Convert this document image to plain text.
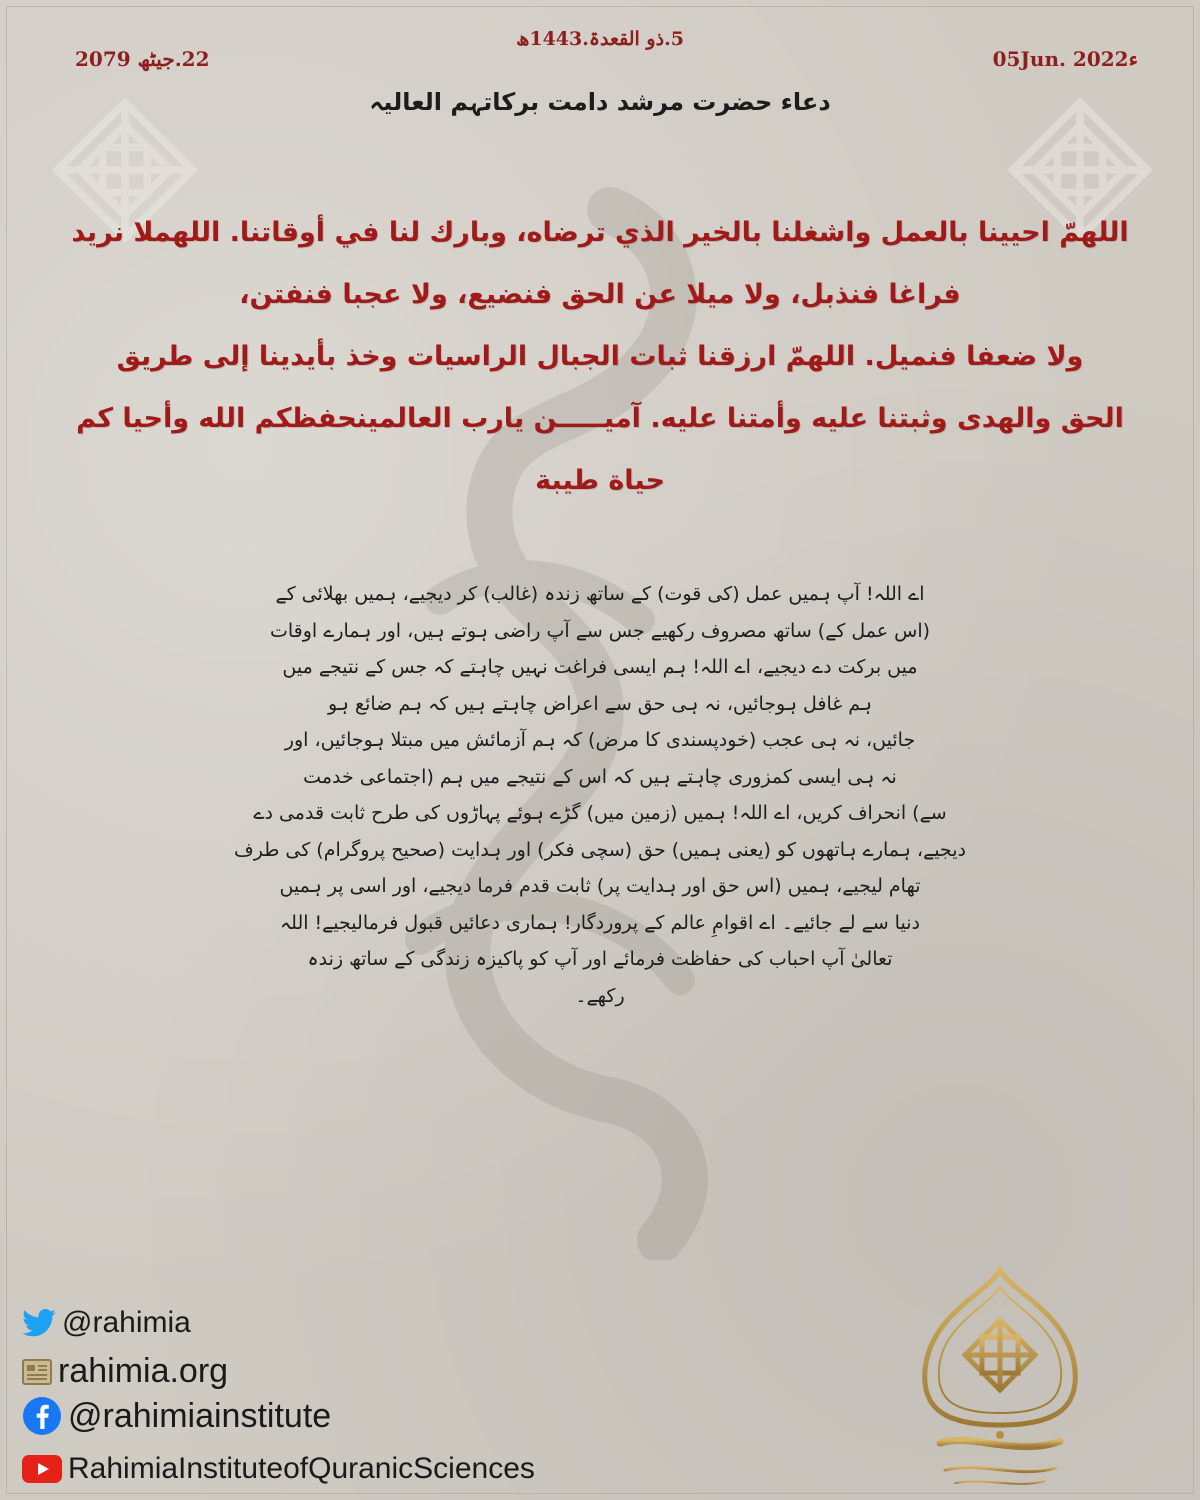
22.جیٹھ 2079
5.ذو القعدۃ.1443ھ
05Jun. 2022ء
دعاء حضرت مرشد دامت برکاتہم العالیہ
اللهمّ احيينا بالعمل واشغلنا بالخير الذي ترضاه، وبارك لنا في أوقاتنا. اللهملا نريد
فراغا فنذبل، ولا ميلا عن الحق فنضيع، ولا عجبا فنفتن،
ولا ضعفا فنميل. اللهمّ ارزقنا ثبات الجبال الراسيات وخذ بأيدينا إلى طريق
الحق والهدى وثبتنا عليه وأمتنا عليه. آميـــــن يارب العالمينحفظكم الله وأحيا كم
حياة طيبة
اے اللہ! آپ ہمیں عمل (کی قوت) کے ساتھ زندہ (غالب) کر دیجیے، ہمیں بھلائی کے
(اس عمل کے) ساتھ مصروف رکھیے جس سے آپ راضی ہوتے ہیں، اور ہمارے اوقات
میں برکت دے دیجیے، اے اللہ! ہم ایسی فراغت نہیں چاہتے کہ جس کے نتیجے میں
ہم غافل ہوجائیں، نہ ہی حق سے اعراض چاہتے ہیں کہ ہم ضائع ہو
جائیں، نہ ہی عجب (خودپسندی کا مرض) کہ ہم آزمائش میں مبتلا ہوجائیں، اور
نہ ہی ایسی کمزوری چاہتے ہیں کہ اس کے نتیجے میں ہم (اجتماعی خدمت
سے) انحراف کریں، اے اللہ! ہمیں (زمین میں) گڑے ہوئے پہاڑوں کی طرح ثابت قدمی دے
دیجیے، ہمارے ہاتھوں کو (یعنی ہمیں) حق (سچی فکر) اور ہدایت (صحیح پروگرام) کی طرف
تھام لیجیے، ہمیں (اس حق اور ہدایت پر) ثابت قدم فرما دیجیے، اور اسی پر ہمیں
دنیا سے لے جائیے۔ اے اقوامِ عالم کے پروردگار! ہماری دعائیں قبول فرمالیجیے! اللہ
تعالیٰ آپ احباب کی حفاظت فرمائے اور آپ کو پاکیزہ زندگی کے ساتھ زندہ
رکھے۔
@rahimia
rahimia.org
@rahimiainstitute
RahimiaInstituteofQuranicSciences
